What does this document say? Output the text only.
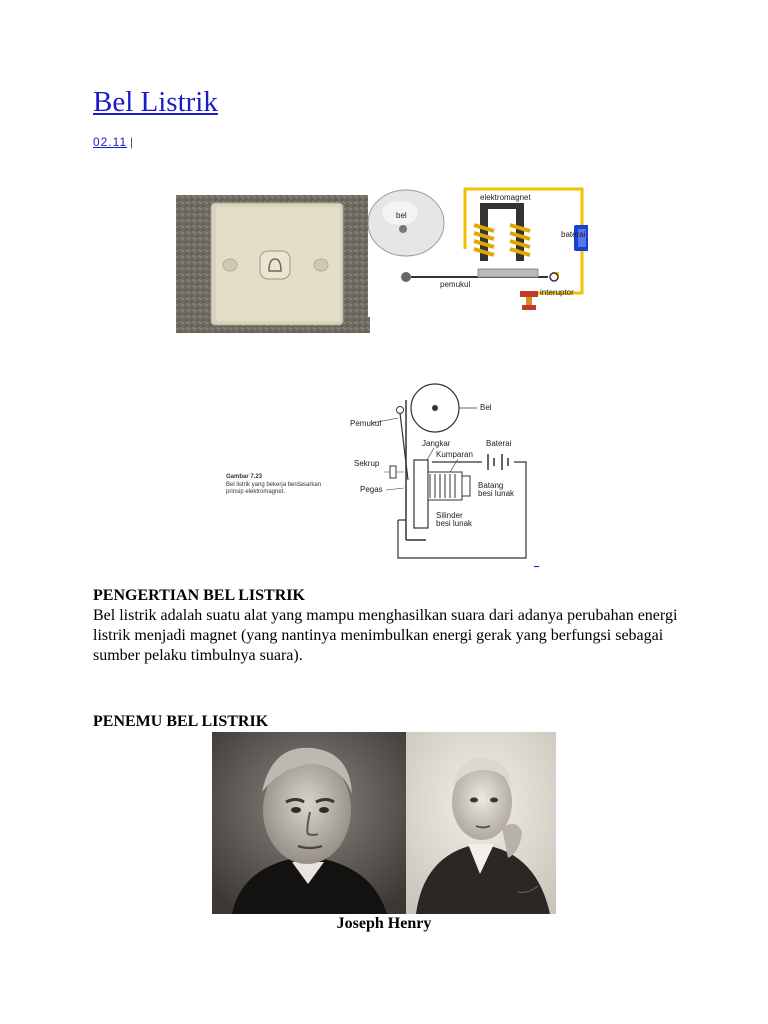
Bel Listrik
02.11 |
bel
pemukul
elektromagnet
baterai
interuptor
Gambar 7.23
Bel listrik yang bekerja berdasarkan
prinsip elektromagnet.
Bel
Pemukul
Jangkar
Kumparan
Baterai
Batang
besi lunak
Silinder
besi lunak
Sekrup
Pegas
_
PENGERTIAN BEL LISTRIK

Bel listrik adalah suatu alat yang mampu menghasilkan suara dari adanya perubahan energi listrik menjadi magnet (yang nantinya menimbulkan energi gerak yang berfungsi sebagai sumber pelaku timbulnya suara).

PENEMU BEL LISTRIK
Joseph Henry
